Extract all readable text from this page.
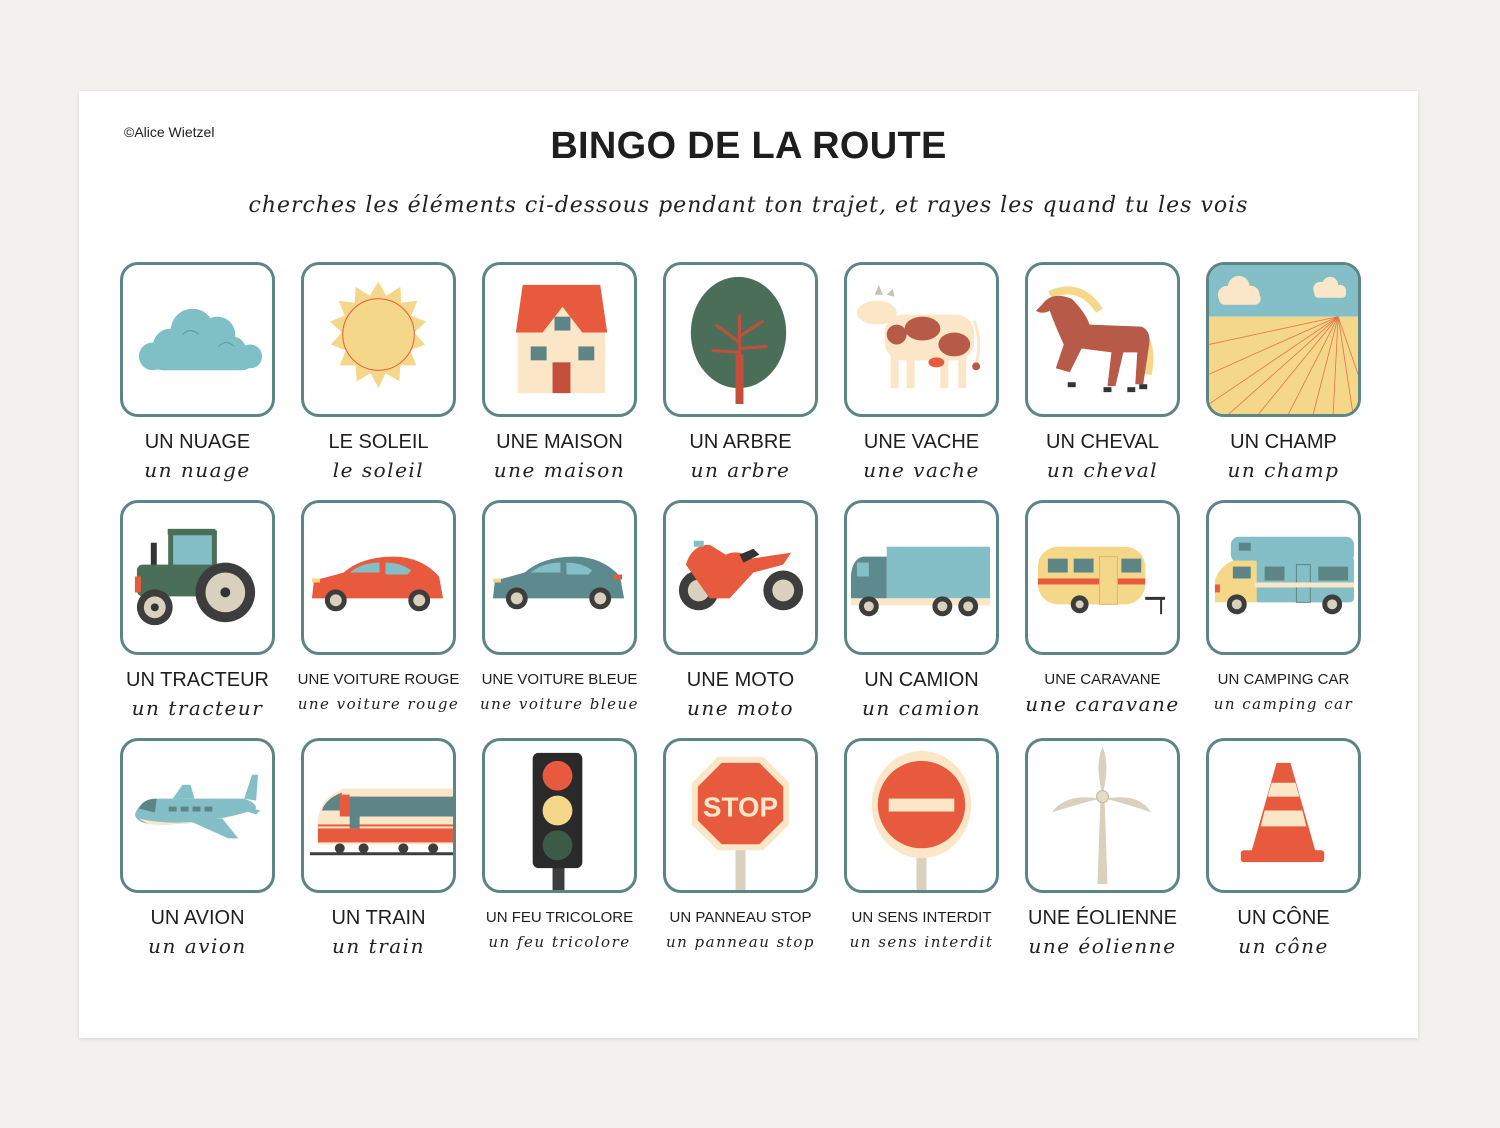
©Alice Wietzel	BINGO DE LA ROUTE
cherches les éléments ci-dessous pendant ton trajet, et rayes les quand tu les vois
UN NUAGE
un nuage
LE SOLEIL
le soleil
UNE MAISON
une maison
UN ARBRE
un arbre
UNE VACHE
une vache
UN CHEVAL
un cheval
UN CHAMP
un champ
UN TRACTEUR
un tracteur
UNE VOITURE ROUGE
une voiture rouge
UNE VOITURE BLEUE
une voiture bleue
UNE MOTO
une moto
UN CAMION
un camion
UNE CARAVANE
une caravane
UN CAMPING CAR
un camping car
UN AVION
un avion
UN TRAIN
un train
UN FEU TRICOLORE
un feu tricolore
STOP
UN PANNEAU STOP
un panneau stop
UN SENS INTERDIT
un sens interdit
UNE ÉOLIENNE
une éolienne
UN CÔNE
un cône
